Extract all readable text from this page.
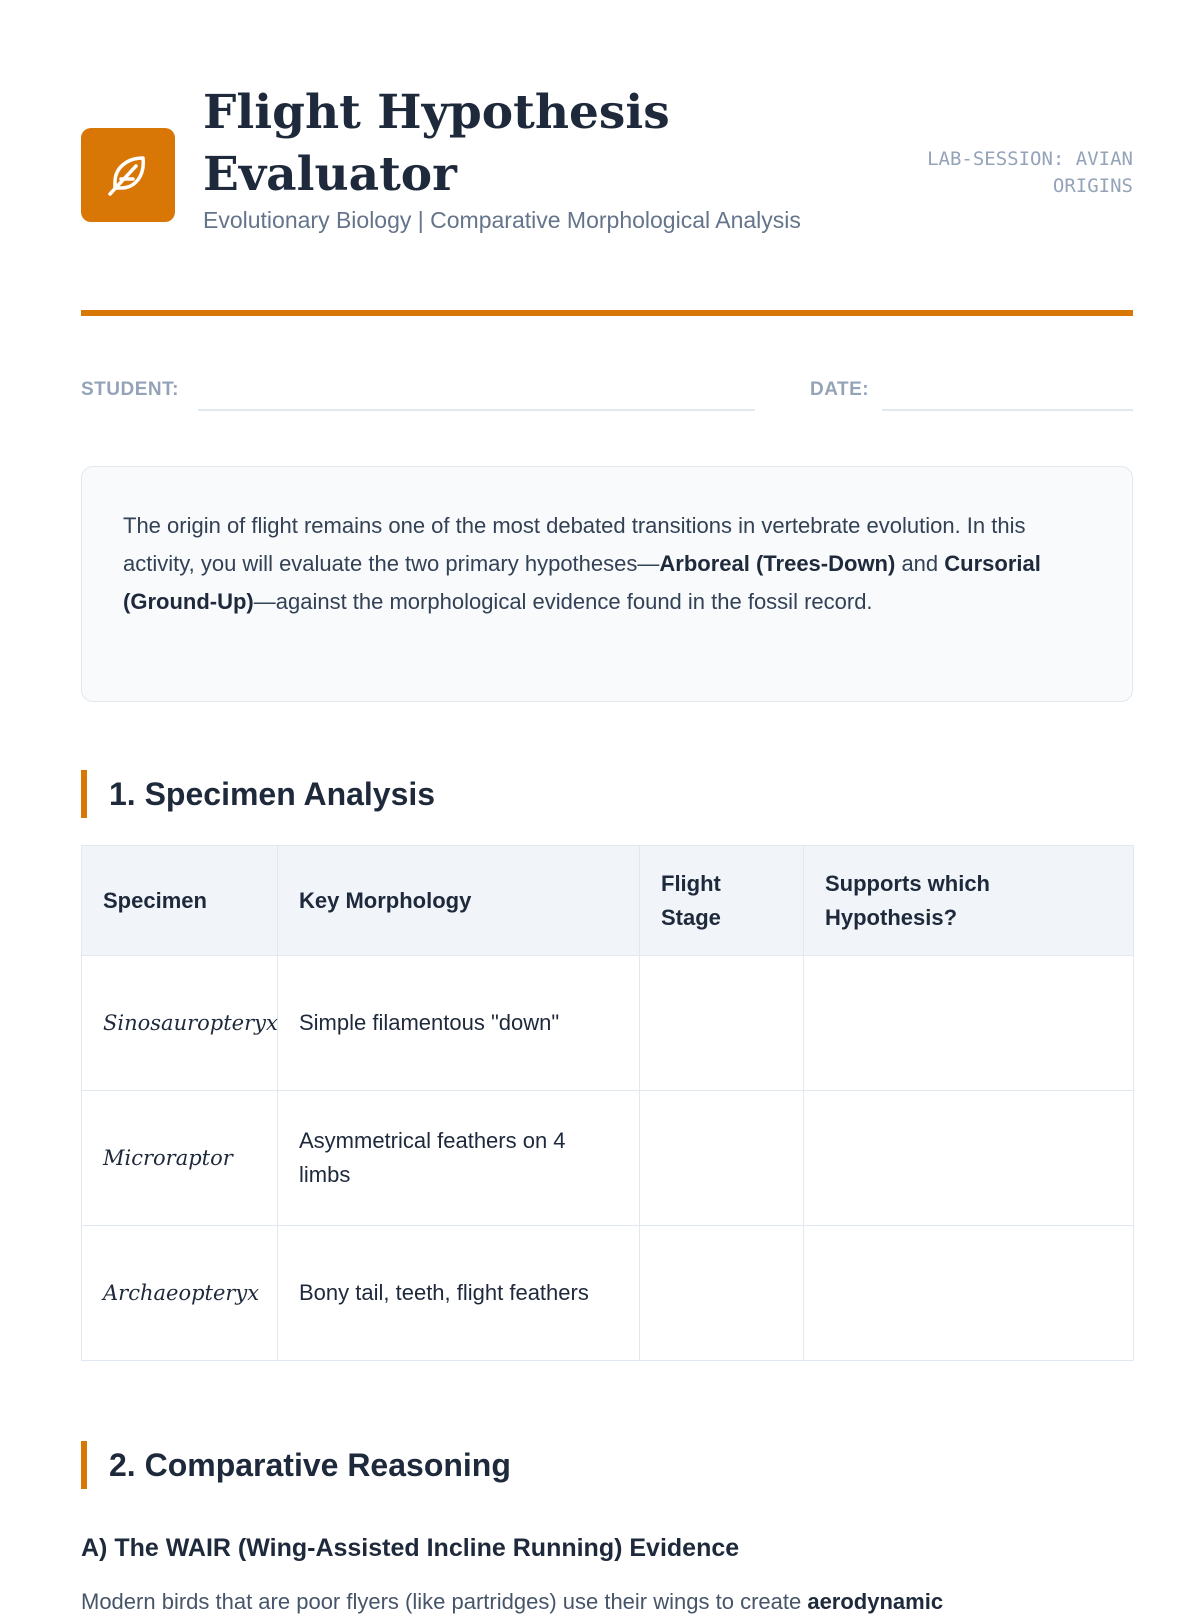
Flight Hypothesis Evaluator
Evolutionary Biology | Comparative Morphological Analysis
LAB-SESSION: AVIAN ORIGINS
STUDENT:	DATE:
The origin of flight remains one of the most debated transitions in vertebrate evolution. In this activity, you will evaluate the two primary hypotheses—Arboreal (Trees-Down) and Cursorial (Ground-Up)—against the morphological evidence found in the fossil record.
1. Specimen Analysis
Specimen	Key Morphology	Flight Stage	Supports which Hypothesis?
Sinosauropteryx	Simple filamentous "down"		
Microraptor	Asymmetrical feathers on 4 limbs		
Archaeopteryx	Bony tail, teeth, flight feathers		
2. Comparative Reasoning
A) The WAIR (Wing-Assisted Incline Running) Evidence

Modern birds that are poor flyers (like partridges) use their wings to create aerodynamic
